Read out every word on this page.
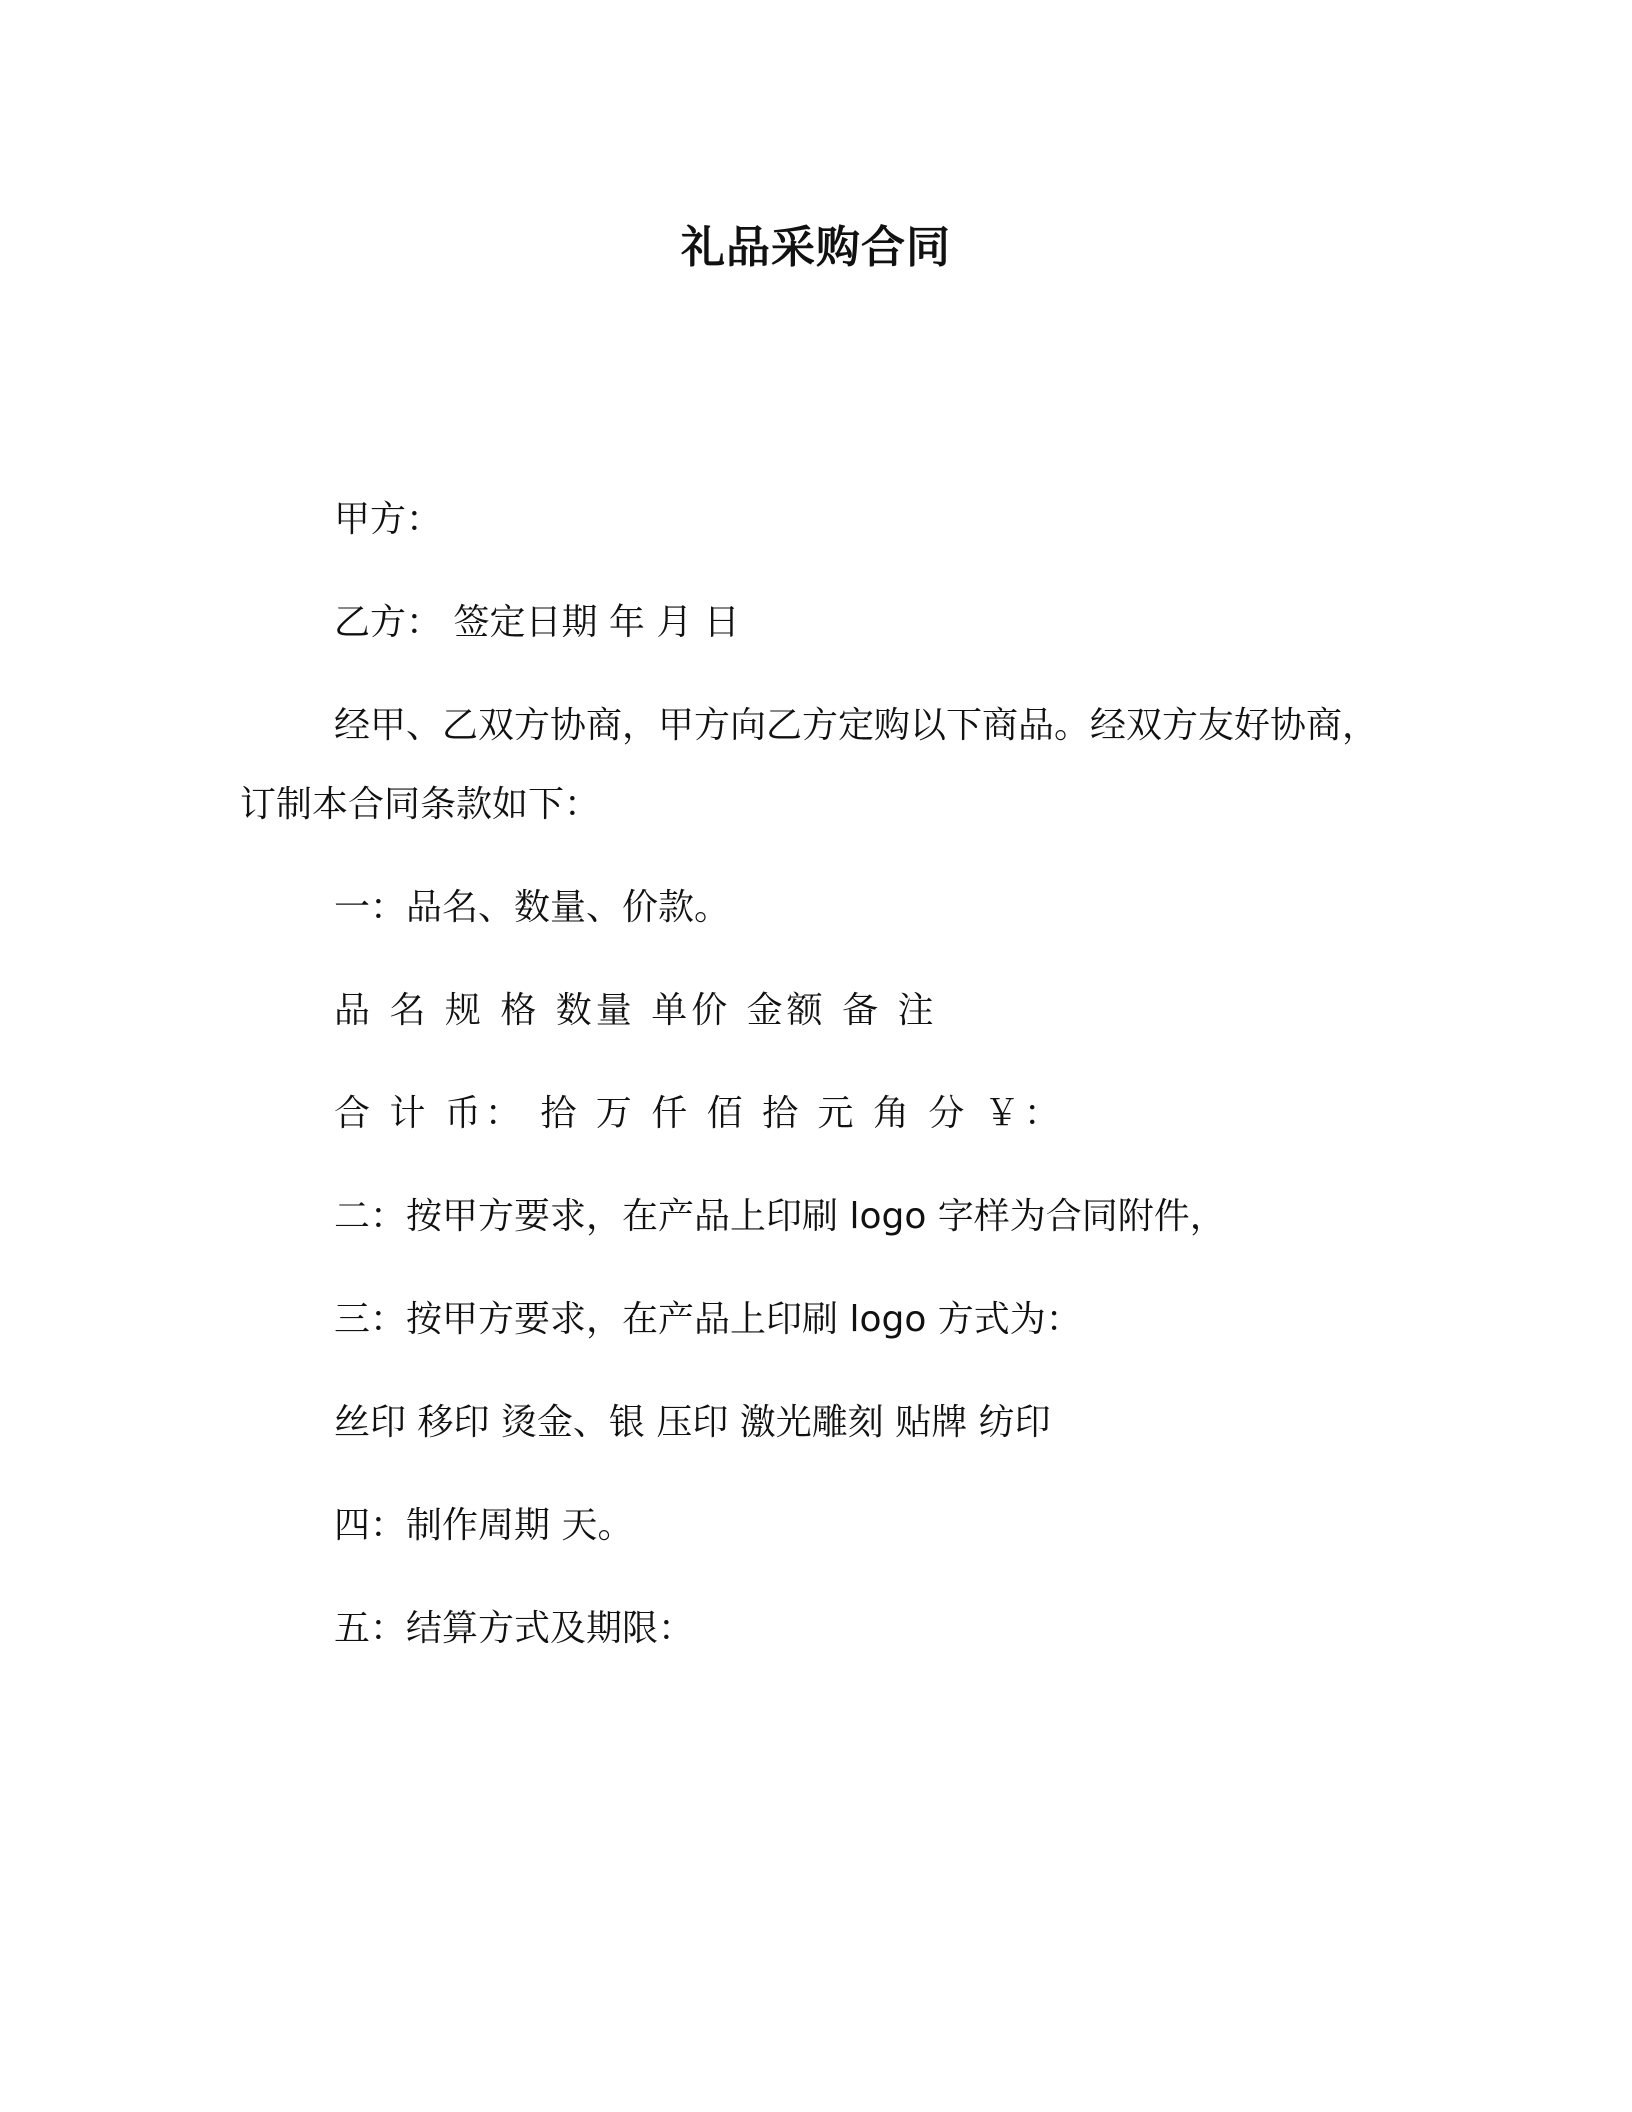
礼品采购合同
甲方：
乙方： 签定日期 年 月 日
经甲、乙双方协商，甲方向乙方定购以下商品。经双方友好协商，
订制本合同条款如下：
一：品名、数量、价款。
品 名 规 格 数量 单价 金额 备 注
合 计 币： 拾 万 仟 佰 拾 元 角 分 ￥：
二：按甲方要求，在产品上印刷 logo 字样为合同附件，
三：按甲方要求，在产品上印刷 logo 方式为：
丝印 移印 烫金、银 压印 激光雕刻 贴牌 纺印
四：制作周期 天。
五：结算方式及期限：
